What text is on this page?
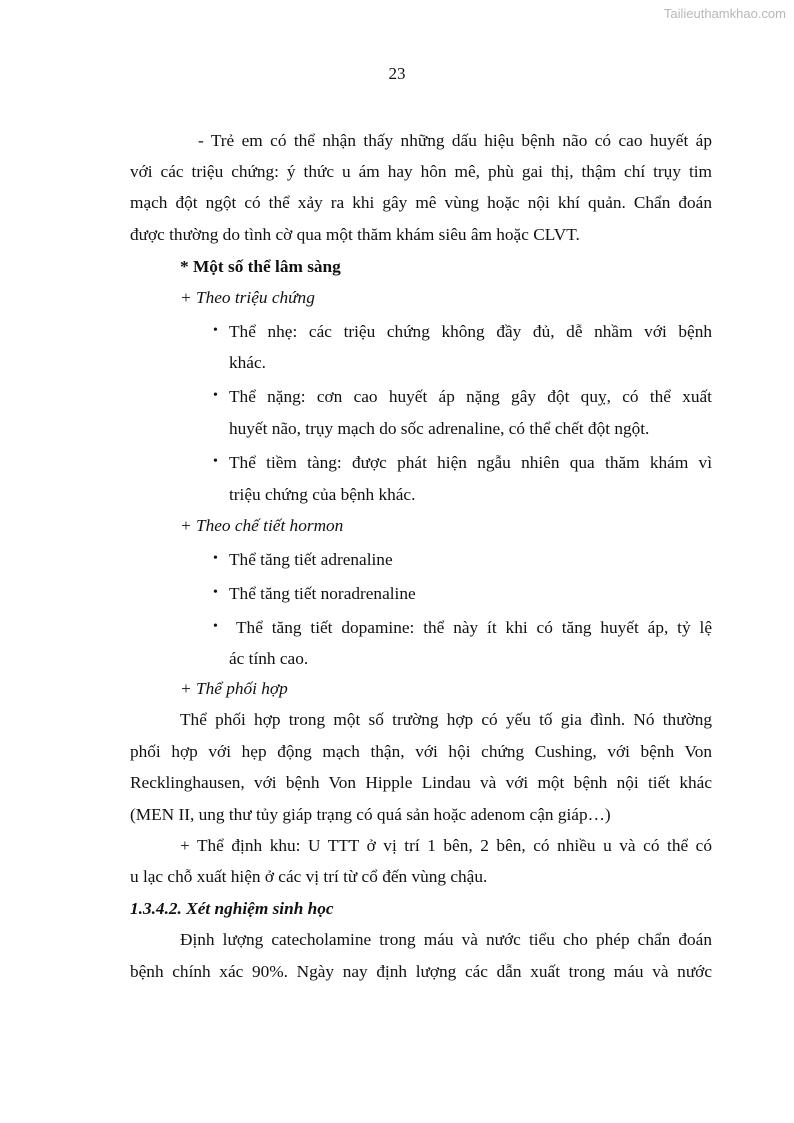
Tailieuthamkhao.com
23
- Trẻ em có thể nhận thấy những dấu hiệu bệnh não có cao huyết áp
với các triệu chứng: ý thức u ám hay hôn mê, phù gai thị, thậm chí trụy tim
mạch đột ngột có thể xảy ra khi gây mê vùng hoặc nội khí quản. Chẩn đoán
được thường do tình cờ qua một thăm khám siêu âm hoặc CLVT.
* Một số thể lâm sàng
+ Theo triệu chứng
Thể nhẹ: các triệu chứng không đầy đủ, dễ nhầm với bệnh
•
khác.
Thể nặng: cơn cao huyết áp nặng gây đột quỵ, có thể xuất
•
huyết não, trụy mạch do sốc adrenaline, có thể chết đột ngột.
Thể tiềm tàng: được phát hiện ngẫu nhiên qua thăm khám vì
•
triệu chứng của bệnh khác.
+ Theo chế tiết hormon
Thể tăng tiết adrenaline
•
Thể tăng tiết noradrenaline
•
Thể tăng tiết dopamine: thể này ít khi có tăng huyết áp, tỷ lệ
•
ác tính cao.
+ Thể phối hợp
Thể phối hợp trong một số trường hợp có yếu tố gia đình. Nó thường
phối hợp với hẹp động mạch thận, với hội chứng Cushing, với bệnh Von
Recklinghausen, với bệnh Von Hipple Lindau và với một bệnh nội tiết khác
(MEN II, ung thư tủy giáp trạng có quá sản hoặc adenom cận giáp…)
+ Thể định khu: U TTT ở vị trí 1 bên, 2 bên, có nhiều u và có thể có
u lạc chỗ xuất hiện ở các vị trí từ cổ đến vùng chậu.
1.3.4.2. Xét nghiệm sinh học
Định lượng catecholamine trong máu và nước tiểu cho phép chẩn đoán
bệnh chính xác 90%. Ngày nay định lượng các dẫn xuất trong máu và nước
